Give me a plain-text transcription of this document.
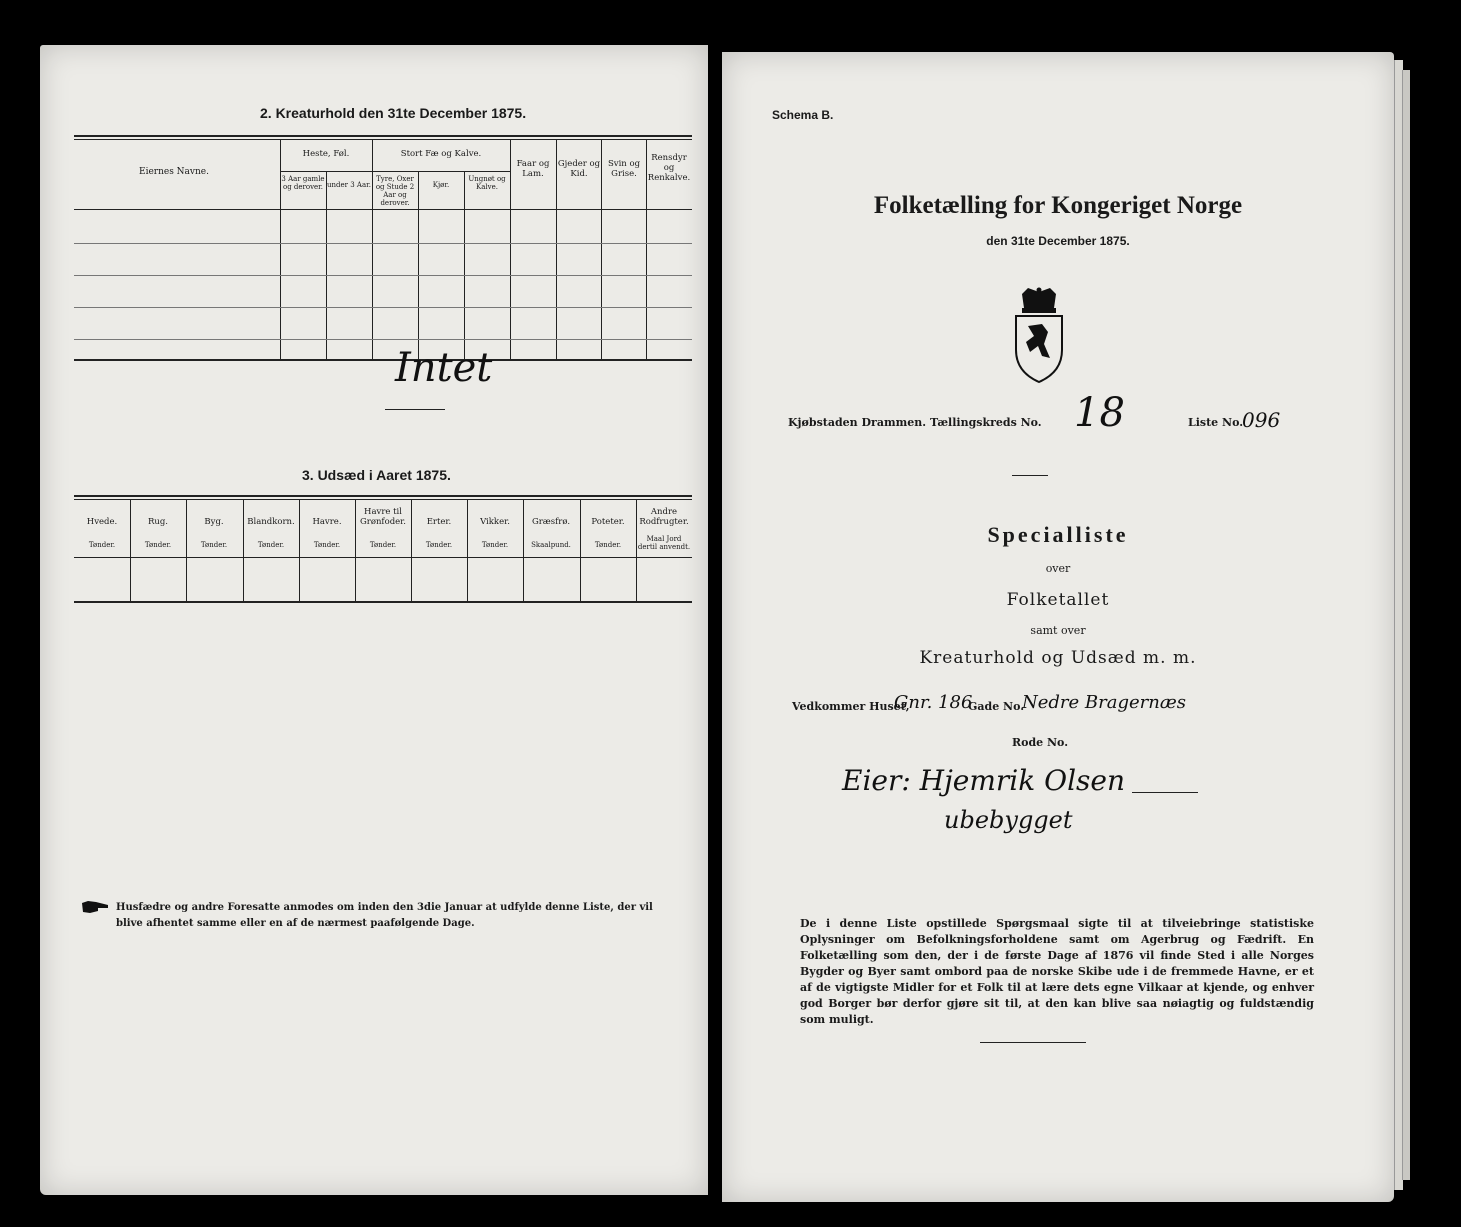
2. Kreaturhold den 31te December 1875.
Eiernes Navne.
Heste, Føl.
3 Aar gamle og derover. under 3 Aar.
Stort Fæ og Kalve.
Tyre, Oxer og Stude 2 Aar og derover.
Kjør.
Ungnøt og Kalve.
Faar og Lam.
Gjeder og Kid.
Svin og Grise.
Rensdyr og Renkalve.
Intet
3. Udsæd i Aaret 1875.
Hvede.
Tønder.
Rug.
Tønder.
Byg.
Tønder.
Blandkorn.
Tønder.
Havre.
Tønder.
Havre til Grønfoder.
Tønder.
Erter.
Tønder.
Vikker.
Tønder.
Græsfrø.
Skaalpund.
Poteter.
Tønder.
Andre Rodfrugter.
Maal Jord dertil anvendt.
Husfædre og andre Foresatte anmodes om inden den 3die Januar at udfylde denne Liste, der vil blive afhentet samme eller en af de nærmest paafølgende Dage.
Schema B.
Folketælling for Kongeriget Norge
den 31te December 1875.
Kjøbstaden Drammen. Tællingskreds No. 18	Liste No.
096
Specialliste
over
Folketallet
samt over
Kreaturhold og Udsæd m. m.
Vedkommer Huset,
Gnr. 186.
Gade No.
Nedre Bragernæs
Rode No.
Eier: Hjemrik Olsen
ubebygget
De i denne Liste opstillede Spørgsmaal sigte til at tilveiebringe statistiske Oplysninger om Befolkningsforholdene samt om Agerbrug og Fædrift. En Folketælling som den, der i de første Dage af 1876 vil finde Sted i alle Norges Bygder og Byer samt ombord paa de norske Skibe ude i de fremmede Havne, er et af de vigtigste Midler for et Folk til at lære dets egne Vilkaar at kjende, og enhver god Borger bør derfor gjøre sit til, at den kan blive saa nøiagtig og fuldstændig som muligt.
